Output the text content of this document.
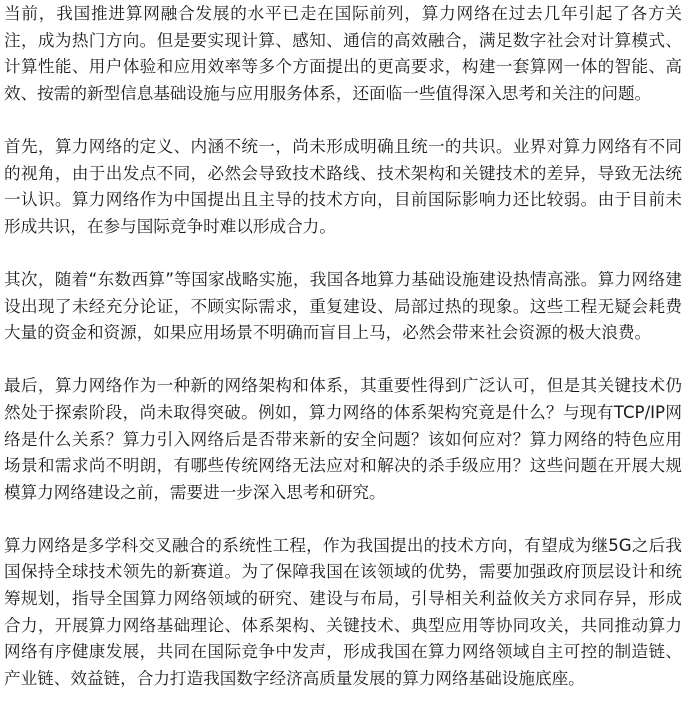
当前，我国推进算网融合发展的水平已走在国际前列，算力网络在过去几年引起了各方关注，成为热门方向。但是要实现计算、感知、通信的高效融合，满足数字社会对计算模式、计算性能、用户体验和应用效率等多个方面提出的更高要求，构建一套算网一体的智能、高效、按需的新型信息基础设施与应用服务体系，还面临一些值得深入思考和关注的问题。

首先，算力网络的定义、内涵不统一，尚未形成明确且统一的共识。业界对算力网络有不同的视角，由于出发点不同，必然会导致技术路线、技术架构和关键技术的差异，导致无法统一认识。算力网络作为中国提出且主导的技术方向，目前国际影响力还比较弱。由于目前未形成共识，在参与国际竞争时难以形成合力。

其次，随着“东数西算”等国家战略实施，我国各地算力基础设施建设热情高涨。算力网络建设出现了未经充分论证，不顾实际需求，重复建设、局部过热的现象。这些工程无疑会耗费大量的资金和资源，如果应用场景不明确而盲目上马，必然会带来社会资源的极大浪费。

最后，算力网络作为一种新的网络架构和体系，其重要性得到广泛认可，但是其关键技术仍然处于探索阶段，尚未取得突破。例如，算力网络的体系架构究竟是什么？与现有TCP/IP网络是什么关系？算力引入网络后是否带来新的安全问题？该如何应对？算力网络的特色应用场景和需求尚不明朗，有哪些传统网络无法应对和解决的杀手级应用？这些问题在开展大规模算力网络建设之前，需要进一步深入思考和研究。

算力网络是多学科交叉融合的系统性工程，作为我国提出的技术方向，有望成为继5G之后我国保持全球技术领先的新赛道。为了保障我国在该领域的优势，需要加强政府顶层设计和统筹规划，指导全国算力网络领域的研究、建设与布局，引导相关利益攸关方求同存异，形成合力，开展算力网络基础理论、体系架构、关键技术、典型应用等协同攻关，共同推动算力网络有序健康发展，共同在国际竞争中发声，形成我国在算力网络领域自主可控的制造链、产业链、效益链，合力打造我国数字经济高质量发展的算力网络基础设施底座。
